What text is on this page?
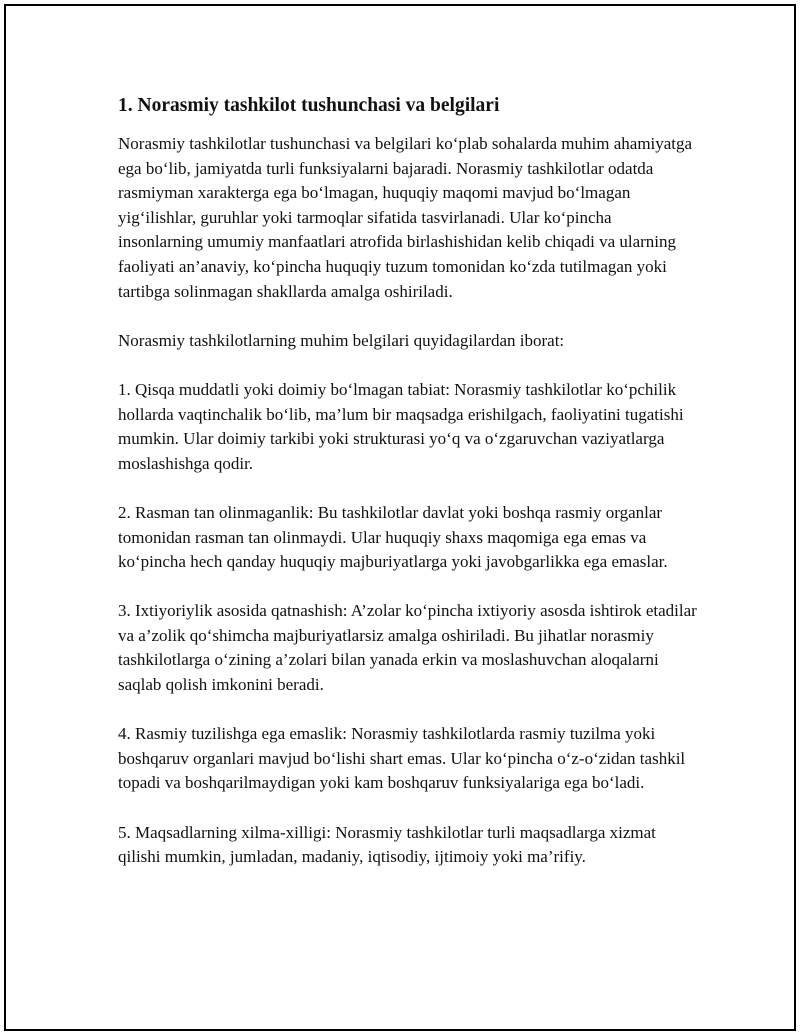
1. Norasmiy tashkilot tushunchasi va belgilari

Norasmiy tashkilotlar tushunchasi va belgilari ko‘plab sohalarda muhim ahamiyatga ega bo‘lib, jamiyatda turli funksiyalarni bajaradi. Norasmiy tashkilotlar odatda rasmiyman xarakterga ega bo‘lmagan, huquqiy maqomi mavjud bo‘lmagan yig‘ilishlar, guruhlar yoki tarmoqlar sifatida tasvirlanadi. Ular ko‘pincha insonlarning umumiy manfaatlari atrofida birlashishidan kelib chiqadi va ularning faoliyati an’anaviy, ko‘pincha huquqiy tuzum tomonidan ko‘zda tutilmagan yoki tartibga solinmagan shakllarda amalga oshiriladi.

Norasmiy tashkilotlarning muhim belgilari quyidagilardan iborat:

1. Qisqa muddatli yoki doimiy bo‘lmagan tabiat: Norasmiy tashkilotlar ko‘pchilik hollarda vaqtinchalik bo‘lib, ma’lum bir maqsadga erishilgach, faoliyatini tugatishi mumkin. Ular doimiy tarkibi yoki strukturasi yo‘q va o‘zgaruvchan vaziyatlarga moslashishga qodir.

2. Rasman tan olinmaganlik: Bu tashkilotlar davlat yoki boshqa rasmiy organlar tomonidan rasman tan olinmaydi. Ular huquqiy shaxs maqomiga ega emas va ko‘pincha hech qanday huquqiy majburiyatlarga yoki javobgarlikka ega emaslar.

3. Ixtiyoriylik asosida qatnashish: A’zolar ko‘pincha ixtiyoriy asosda ishtirok etadilar va a’zolik qo‘shimcha majburiyatlarsiz amalga oshiriladi. Bu jihatlar norasmiy tashkilotlarga o‘zining a’zolari bilan yanada erkin va moslashuvchan aloqalarni saqlab qolish imkonini beradi.

4. Rasmiy tuzilishga ega emaslik: Norasmiy tashkilotlarda rasmiy tuzilma yoki boshqaruv organlari mavjud bo‘lishi shart emas. Ular ko‘pincha o‘z-o‘zidan tashkil topadi va boshqarilmaydigan yoki kam boshqaruv funksiyalariga ega bo‘ladi.

5. Maqsadlarning xilma-xilligi: Norasmiy tashkilotlar turli maqsadlarga xizmat qilishi mumkin, jumladan, madaniy, iqtisodiy, ijtimoiy yoki ma’rifiy.
